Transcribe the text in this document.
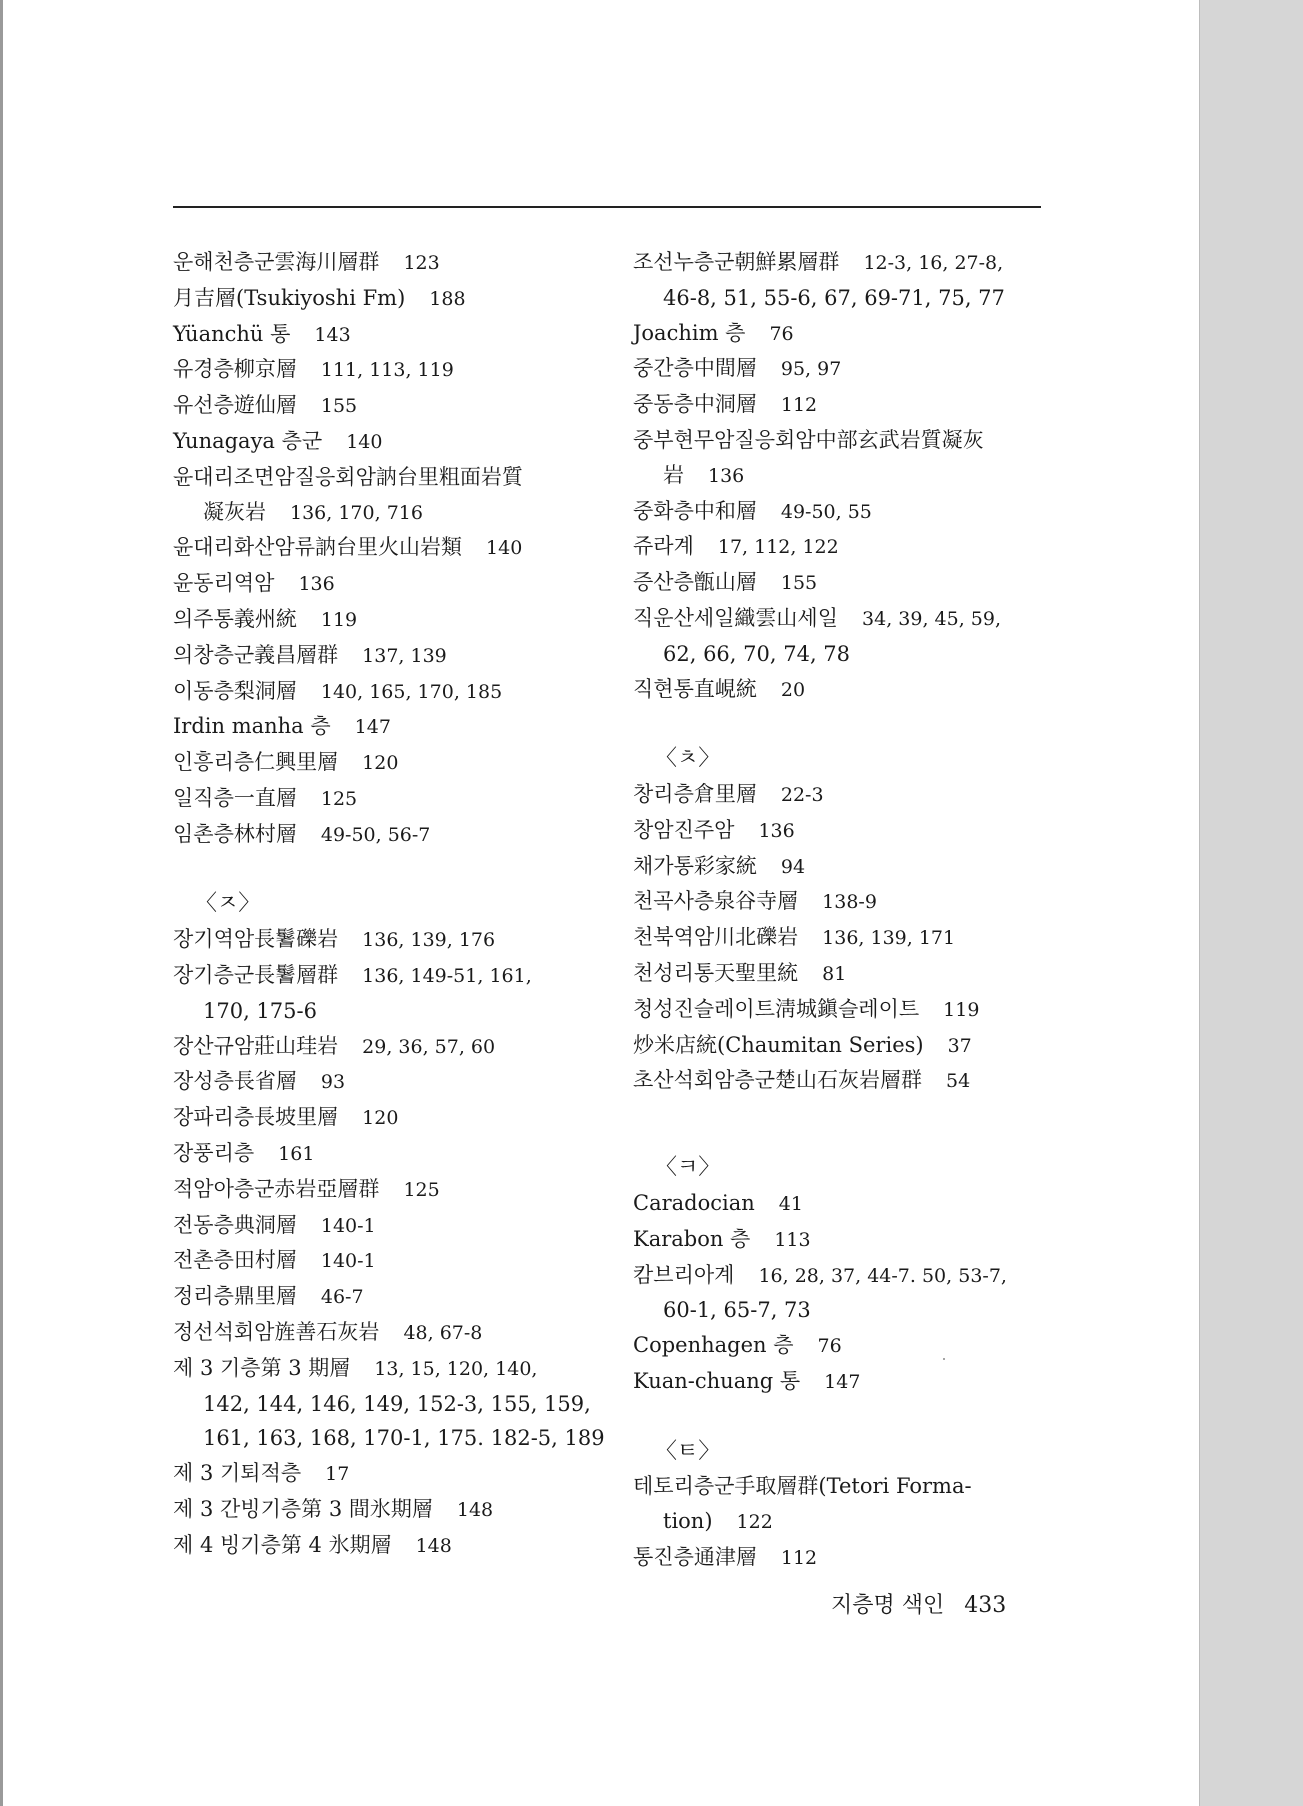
운해천층군雲海川層群 123
月吉層(Tsukiyoshi Fm) 188
Yüanchü 통 143
유경층柳京層 111, 113, 119
유선층遊仙層 155
Yunagaya 층군 140
윤대리조면암질응회암訥台里粗面岩質
凝灰岩 136, 170, 716
윤대리화산암류訥台里火山岩類 140
윤동리역암 136
의주통義州統 119
의창층군義昌層群 137, 139
이동층梨洞層 140, 165, 170, 185
Irdin manha 층 147
인흥리층仁興里層 120
일직층一直層 125
임촌층林村層 49-50, 56-7
〈ㅈ〉
장기역암長鬐礫岩 136, 139, 176
장기층군長鬐層群 136, 149-51, 161,
170, 175-6
장산규암莊山珪岩 29, 36, 57, 60
장성층長省層 93
장파리층長坡里層 120
장풍리층 161
적암아층군赤岩亞層群 125
전동층典洞層 140-1
전촌층田村層 140-1
정리층鼎里層 46-7
정선석회암旌善石灰岩 48, 67-8
제 3 기층第 3 期層 13, 15, 120, 140,
142, 144, 146, 149, 152-3, 155, 159,
161, 163, 168, 170-1, 175. 182-5, 189
제 3 기퇴적층 17
제 3 간빙기층第 3 間氷期層 148
제 4 빙기층第 4 氷期層 148
조선누층군朝鮮累層群 12-3, 16, 27-8,
46-8, 51, 55-6, 67, 69-71, 75, 77
Joachim 층 76
중간층中間層 95, 97
중동층中洞層 112
중부현무암질응회암中部玄武岩質凝灰
岩 136
중화층中和層 49-50, 55
쥬라계 17, 112, 122
증산층甑山層 155
직운산세일織雲山세일 34, 39, 45, 59,
62, 66, 70, 74, 78
직현통直峴統 20
〈ㅊ〉
창리층倉里層 22-3
창암진주암 136
채가통彩家統 94
천곡사층泉谷寺層 138-9
천북역암川北礫岩 136, 139, 171
천성리통天聖里統 81
청성진슬레이트淸城鎭슬레이트 119
炒米店統(Chaumitan Series) 37
초산석회암층군楚山石灰岩層群 54
〈ㅋ〉
Caradocian 41
Karabon 층 113
캄브리아계 16, 28, 37, 44-7. 50, 53-7,
60-1, 65-7, 73
Copenhagen 층 76
Kuan-chuang 통 147
〈ㅌ〉
테토리층군手取層群(Tetori Forma-
tion) 122
통진층通津層 112
지층명 색인 433
